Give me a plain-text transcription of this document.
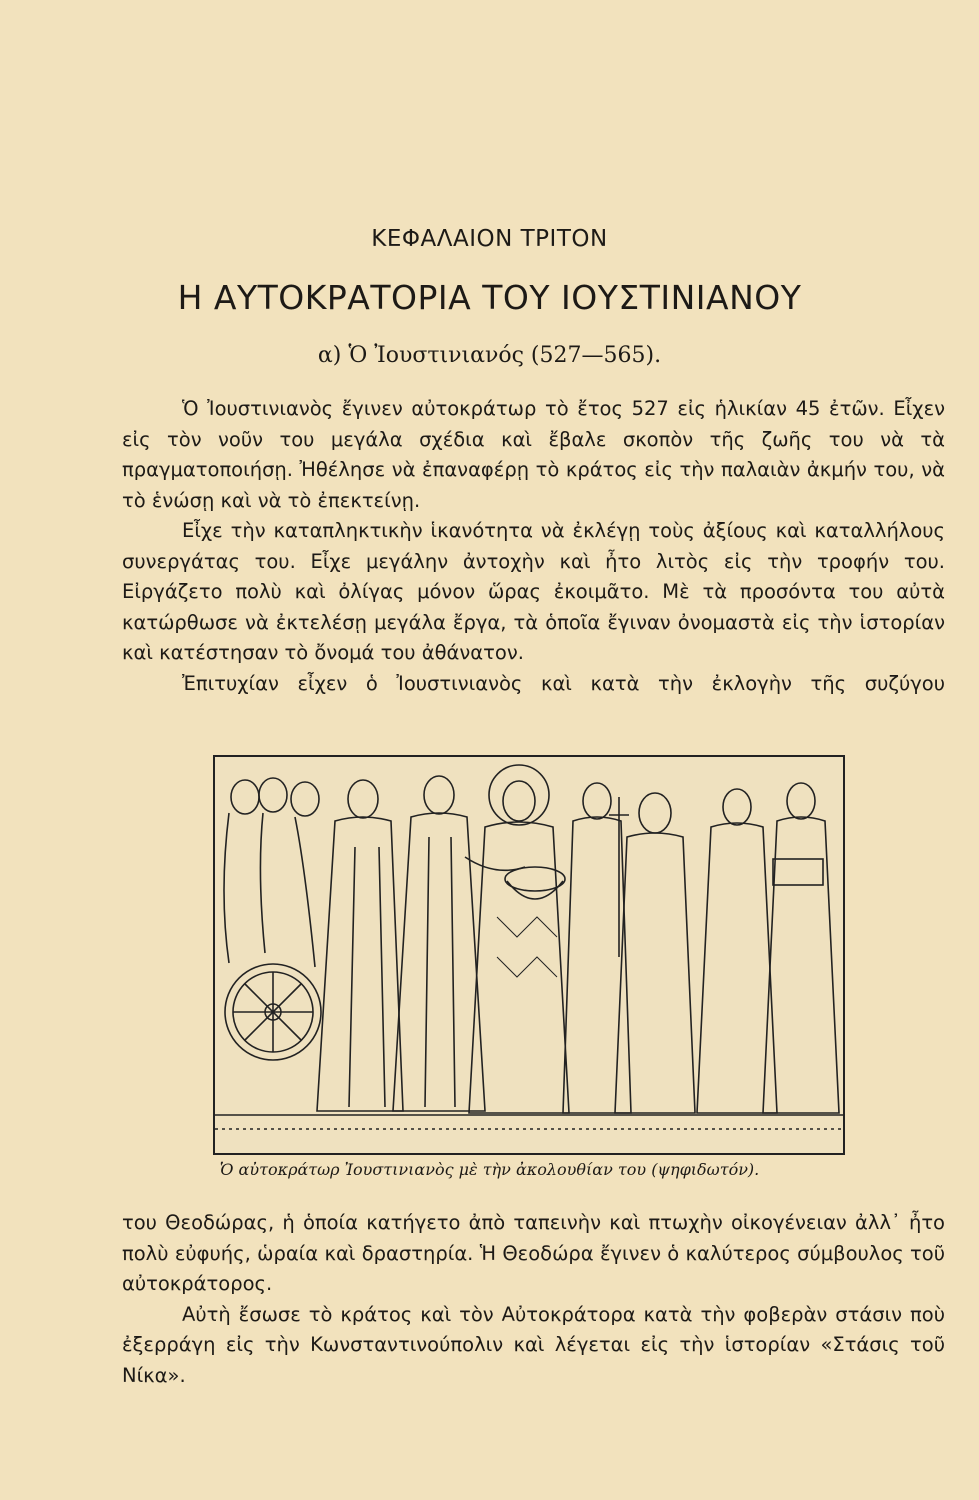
ΚΕΦΑΛΑΙΟΝ ΤΡΙΤΟΝ
Η ΑΥΤΟΚΡΑΤΟΡΙΑ ΤΟΥ ΙΟΥΣΤΙΝΙΑΝΟΥ
α) Ὁ Ἰουστινιανός (527—565).

Ὁ Ἰουστινιανὸς ἔγινεν αὐτοκράτωρ τὸ ἔτος 527 εἰς ἡλικίαν 45 ἐτῶν. Εἶχεν εἰς τὸν νοῦν του μεγάλα σχέδια καὶ ἔβαλε σκοπὸν τῆς ζωῆς του νὰ τὰ πραγματοποιήσῃ. Ἠθέλησε νὰ ἐπαναφέρῃ τὸ κράτος εἰς τὴν παλαιὰν ἀκμήν του, νὰ τὸ ἑνώσῃ καὶ νὰ τὸ ἐπεκτείνῃ.

Εἶχε τὴν καταπληκτικὴν ἱκανότητα νὰ ἐκλέγῃ τοὺς ἀξίους καὶ καταλλήλους συνεργάτας του. Εἶχε μεγάλην ἀντοχὴν καὶ ἦτο λιτὸς εἰς τὴν τροφήν του. Εἰργάζετο πολὺ καὶ ὀλίγας μόνον ὥρας ἐκοιμᾶτο. Μὲ τὰ προσόντα του αὐτὰ κατώρθωσε νὰ ἐκτελέσῃ μεγάλα ἔργα, τὰ ὁποῖα ἔγιναν ὀνομαστὰ εἰς τὴν ἱστορίαν καὶ κατέστησαν τὸ ὄνομά του ἀθάνατον.

Ἐπιτυχίαν εἶχεν ὁ Ἰουστινιανὸς καὶ κατὰ τὴν ἐκλογὴν τῆς συζύγου

Ὁ αὐτοκράτωρ Ἰουστινιανὸς μὲ τὴν ἀκολουθίαν του (ψηφιδωτόν).

του Θεοδώρας, ἡ ὁποία κατήγετο ἀπὸ ταπεινὴν καὶ πτωχὴν οἰκογένειαν ἀλλ᾽ ἦτο πολὺ εὐφυής, ὡραία καὶ δραστηρία. Ἡ Θεοδώρα ἔγινεν ὁ καλύτερος σύμβουλος τοῦ αὐτοκράτορος.

Αὐτὴ ἔσωσε τὸ κράτος καὶ τὸν Αὐτοκράτορα κατὰ τὴν φοβερὰν στάσιν ποὺ ἐξερράγη εἰς τὴν Κωνσταντινούπολιν καὶ λέγεται εἰς τὴν ἱστορίαν «Στάσις τοῦ Νίκα».
